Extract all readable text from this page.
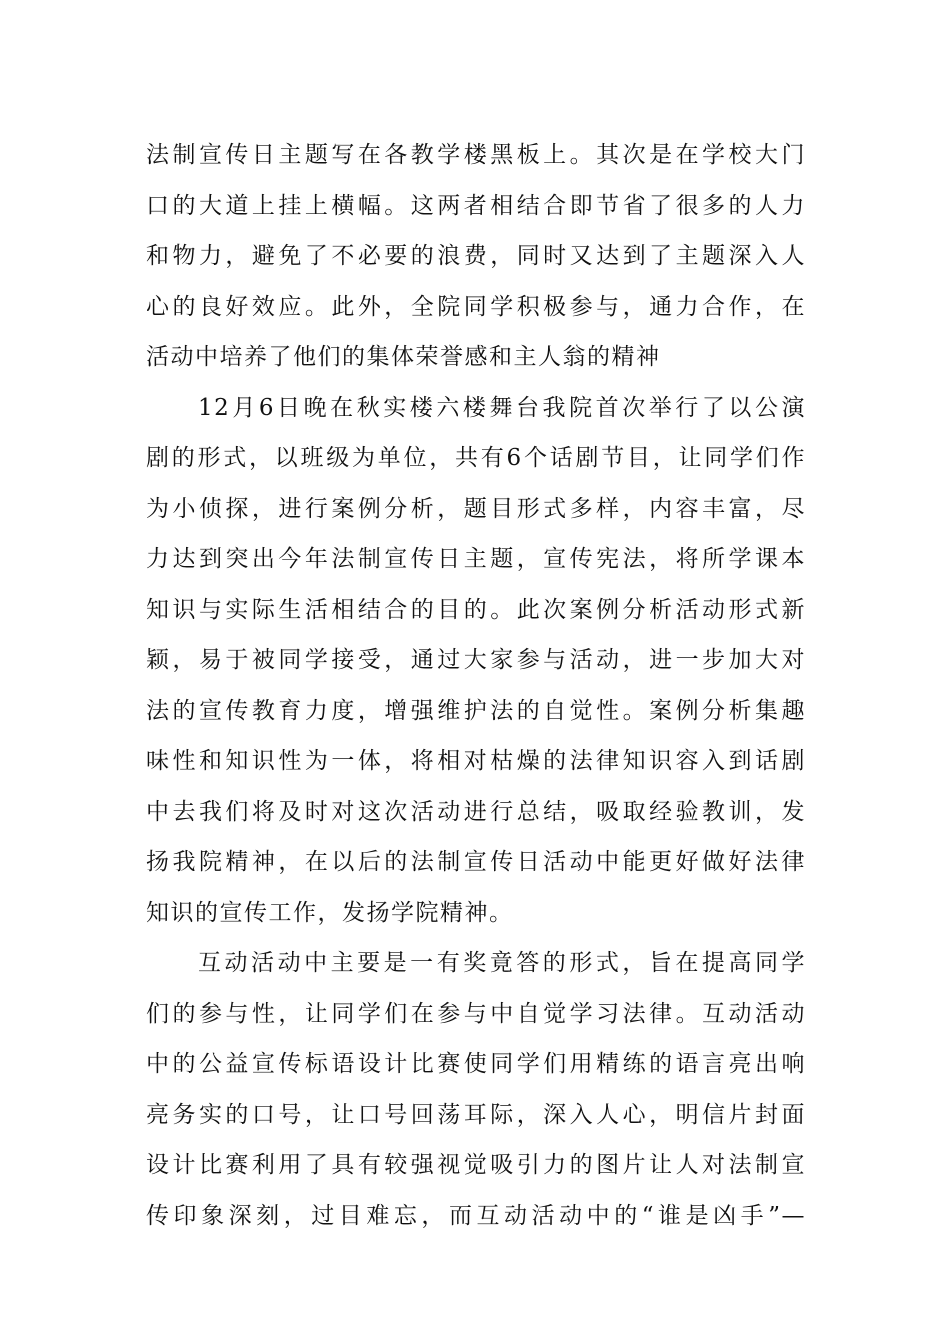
法制宣传日主题写在各教学楼黑板上。其次是在学校大门
口的大道上挂上横幅。这两者相结合即节省了很多的人力
和物力，避免了不必要的浪费，同时又达到了主题深入人
心的良好效应。此外，全院同学积极参与，通力合作，在
活动中培养了他们的集体荣誉感和主人翁的精神
12月6日晚在秋实楼六楼舞台我院首次举行了以公演
剧的形式，以班级为单位，共有6个话剧节目，让同学们作
为小侦探，进行案例分析，题目形式多样，内容丰富，尽
力达到突出今年法制宣传日主题，宣传宪法，将所学课本
知识与实际生活相结合的目的。此次案例分析活动形式新
颖，易于被同学接受，通过大家参与活动，进一步加大对
法的宣传教育力度，增强维护法的自觉性。案例分析集趣
味性和知识性为一体，将相对枯燥的法律知识容入到话剧
中去我们将及时对这次活动进行总结，吸取经验教训，发
扬我院精神，在以后的法制宣传日活动中能更好做好法律
知识的宣传工作，发扬学院精神。
互动活动中主要是一有奖竟答的形式，旨在提高同学
们的参与性，让同学们在参与中自觉学习法律。互动活动
中的公益宣传标语设计比赛使同学们用精练的语言亮出响
亮务实的口号，让口号回荡耳际，深入人心，明信片封面
设计比赛利用了具有较强视觉吸引力的图片让人对法制宣
传印象深刻，过目难忘，而互动活动中的“谁是凶手”—
